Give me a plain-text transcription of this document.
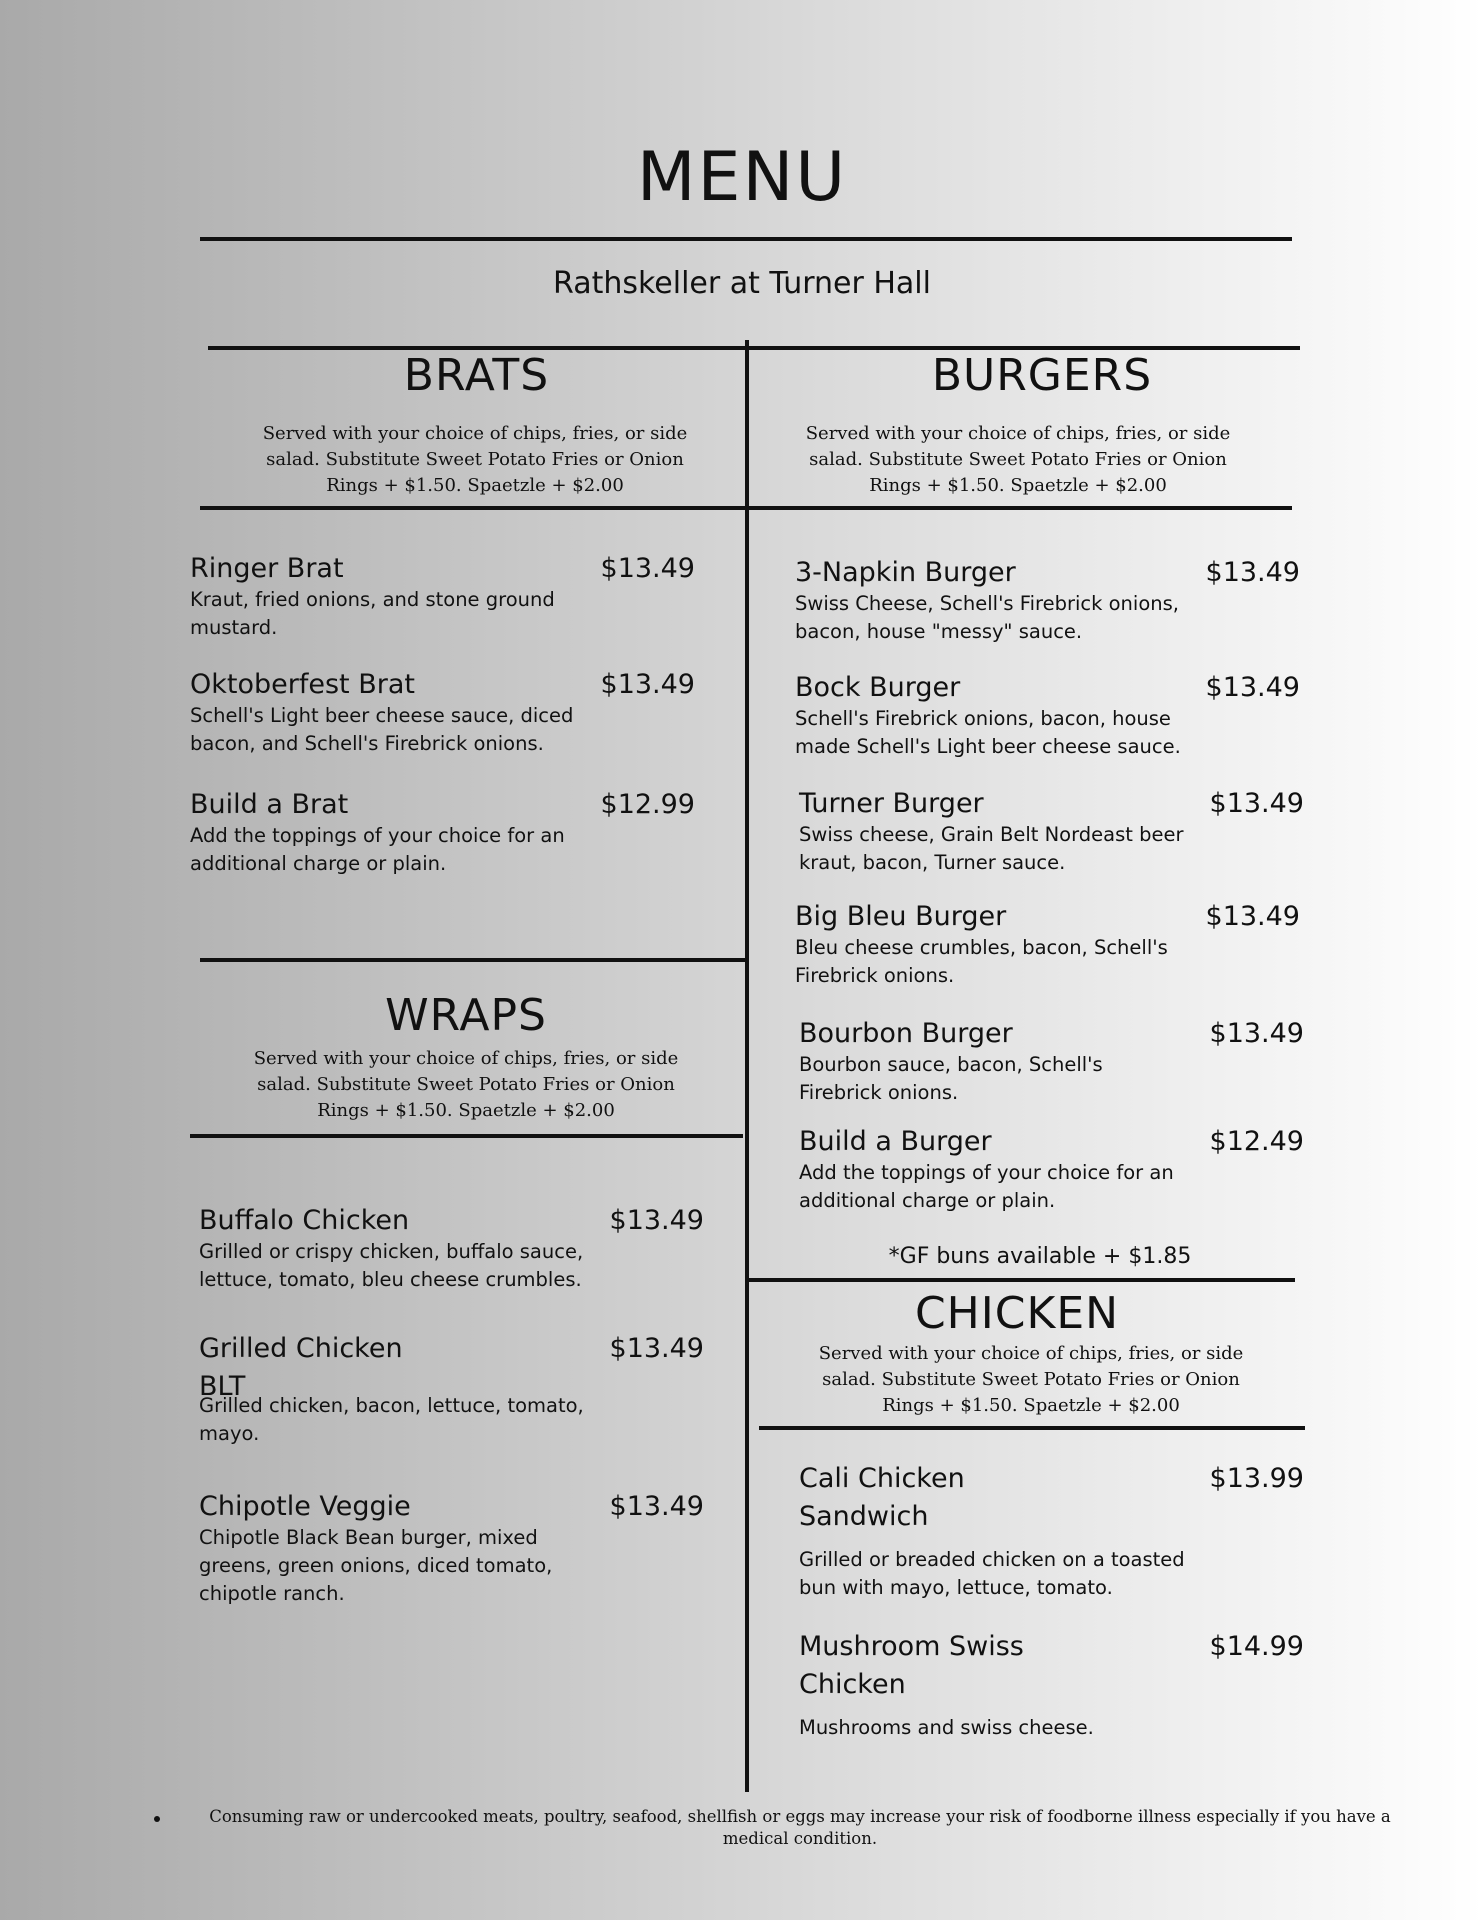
MENU
Rathskeller at Turner Hall
BRATS
Served with your choice of chips, fries, or side salad. Substitute Sweet Potato Fries or Onion Rings + $1.50. Spaetzle + $2.00
Ringer Brat	$13.49
Kraut, fried onions, and stone ground mustard.
Oktoberfest Brat	$13.49
Schell's Light beer cheese sauce, diced bacon, and Schell's Firebrick onions.
Build a Brat	$12.99
Add the toppings of your choice for an additional charge or plain.
WRAPS
Served with your choice of chips, fries, or side salad. Substitute Sweet Potato Fries or Onion Rings + $1.50. Spaetzle + $2.00
Buffalo Chicken	$13.49
Grilled or crispy chicken, buffalo sauce, lettuce, tomato, bleu cheese crumbles.
Grilled Chicken BLT
$13.49
Grilled chicken, bacon, lettuce, tomato, mayo.
Chipotle Veggie	$13.49
Chipotle Black Bean burger, mixed greens, green onions, diced tomato, chipotle ranch.
BURGERS
Served with your choice of chips, fries, or side salad. Substitute Sweet Potato Fries or Onion Rings + $1.50. Spaetzle + $2.00
3-Napkin Burger	$13.49
Swiss Cheese, Schell's Firebrick onions, bacon, house "messy" sauce.
Bock Burger	$13.49
Schell's Firebrick onions, bacon, house made Schell's Light beer cheese sauce.
Turner Burger	$13.49
Swiss cheese, Grain Belt Nordeast beer kraut, bacon, Turner sauce.
Big Bleu Burger	$13.49
Bleu cheese crumbles, bacon, Schell's Firebrick onions.
Bourbon Burger	$13.49
Bourbon sauce, bacon, Schell's Firebrick onions.
Build a Burger	$12.49
Add the toppings of your choice for an additional charge or plain.
*GF buns available + $1.85
CHICKEN
Served with your choice of chips, fries, or side salad. Substitute Sweet Potato Fries or Onion Rings + $1.50. Spaetzle + $2.00
Cali Chicken Sandwich
$13.99
Grilled or breaded chicken on a toasted bun with mayo, lettuce, tomato.
Mushroom Swiss Chicken
$14.99
Mushrooms and swiss cheese.
Consuming raw or undercooked meats, poultry, seafood, shellfish or eggs may increase your risk of foodborne illness especially if you have a medical condition.
